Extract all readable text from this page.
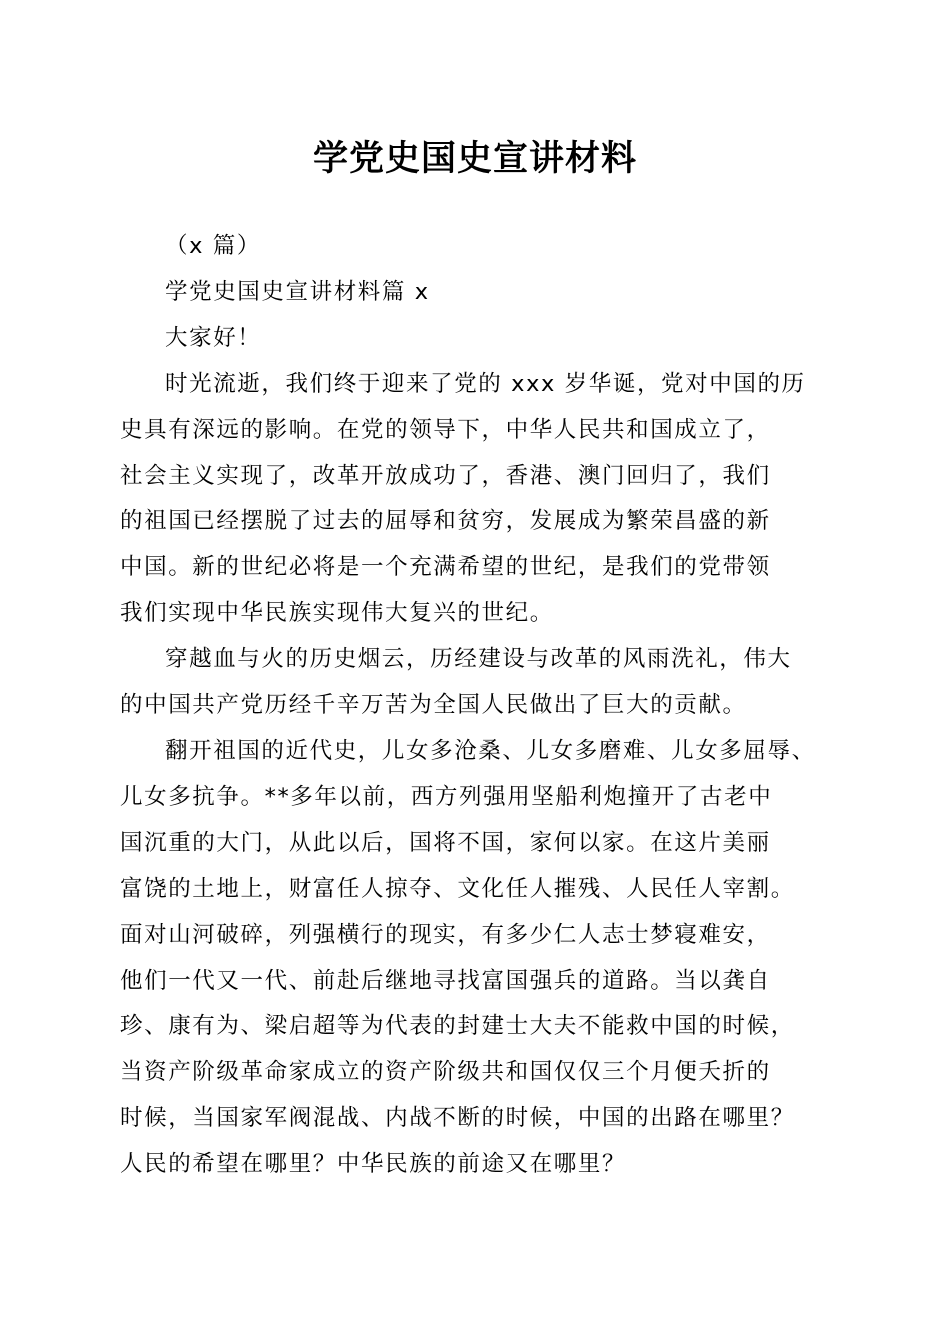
学党史国史宣讲材料

（x 篇）

学党史国史宣讲材料篇 x

大家好！

时光流逝，我们终于迎来了党的 xxx 岁华诞，党对中国的历
史具有深远的影响。在党的领导下，中华人民共和国成立了，
社会主义实现了，改革开放成功了，香港、澳门回归了，我们
的祖国已经摆脱了过去的屈辱和贫穷，发展成为繁荣昌盛的新
中国。新的世纪必将是一个充满希望的世纪，是我们的党带领
我们实现中华民族实现伟大复兴的世纪。

穿越血与火的历史烟云，历经建设与改革的风雨洗礼，伟大
的中国共产党历经千辛万苦为全国人民做出了巨大的贡献。

翻开祖国的近代史，儿女多沧桑、儿女多磨难、儿女多屈辱、
儿女多抗争。**多年以前，西方列强用坚船利炮撞开了古老中
国沉重的大门，从此以后，国将不国，家何以家。在这片美丽
富饶的土地上，财富任人掠夺、文化任人摧残、人民任人宰割。
面对山河破碎，列强横行的现实，有多少仁人志士梦寝难安，
他们一代又一代、前赴后继地寻找富国强兵的道路。当以龚自
珍、康有为、梁启超等为代表的封建士大夫不能救中国的时候，
当资产阶级革命家成立的资产阶级共和国仅仅三个月便夭折的
时候，当国家军阀混战、内战不断的时候，中国的出路在哪里？
人民的希望在哪里？中华民族的前途又在哪里？
